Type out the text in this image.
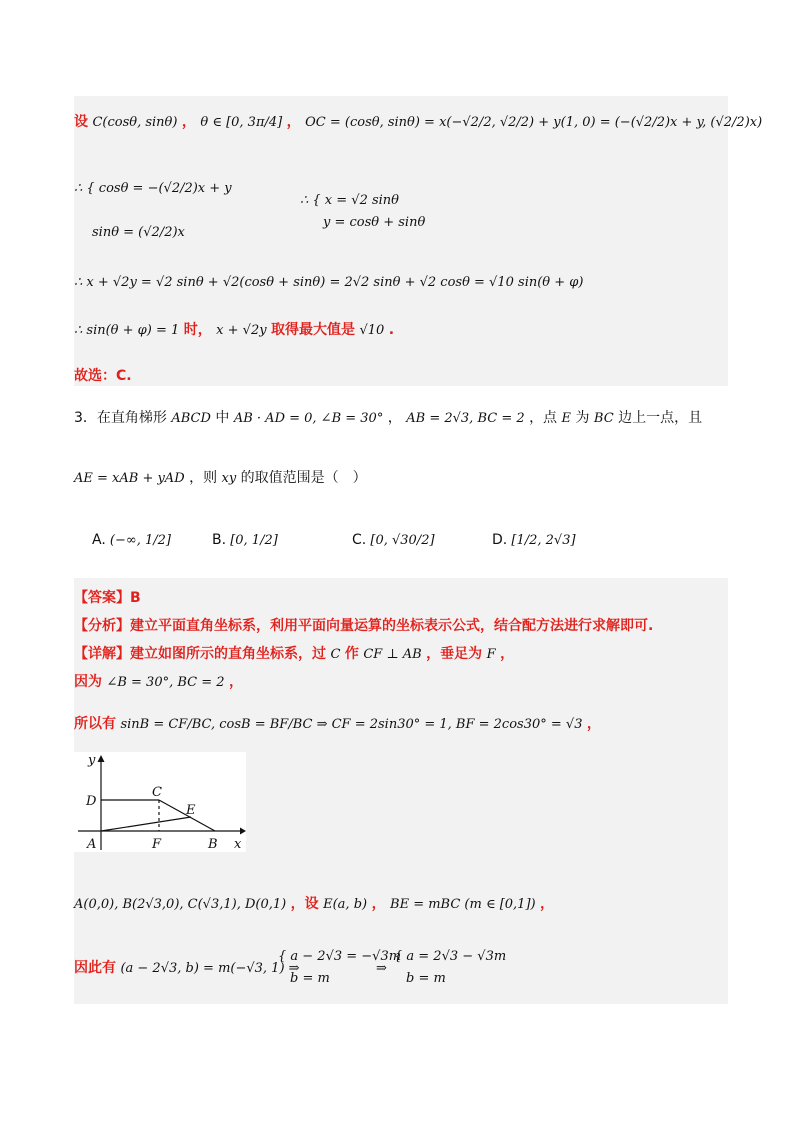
设 C(cosθ, sinθ) ， θ ∈ [0, 3π/4] ， OC = (cosθ, sinθ) = x(−√2/2, √2/2) + y(1, 0) = (−(√2/2)x + y, (√2/2)x)
∴ { cosθ = −(√2/2)x + y
sinθ = (√2/2)x
∴ { x = √2 sinθ
y = cosθ + sinθ
∴ x + √2y = √2 sinθ + √2(cosθ + sinθ) = 2√2 sinθ + √2 cosθ = √10 sin(θ + φ)
∴ sin(θ + φ) = 1 时， x + √2y 取得最大值是 √10 .
故选：C.
3．在直角梯形 ABCD 中 AB · AD = 0, ∠B = 30° ， AB = 2√3, BC = 2 ，点 E 为 BC 边上一点，且
AE = xAB + yAD ，则 xy 的取值范围是（　）
A. (−∞, 1/2]	B. [0, 1/2]	C. [0, √30/2]	D. [1/2, 2√3]
【答案】B
【分析】建立平面直角坐标系，利用平面向量运算的坐标表示公式，结合配方法进行求解即可.
【详解】建立如图所示的直角坐标系，过 C 作 CF ⊥ AB ，垂足为 F ，
因为 ∠B = 30°, BC = 2 ，
所以有 sinB = CF/BC, cosB = BF/BC ⇒ CF = 2sin30° = 1, BF = 2cos30° = √3 ，
y
x
A	B
C
D
E
F
A(0,0), B(2√3,0), C(√3,1), D(0,1) ，设 E(a, b) ， BE = mBC (m ∈ [0,1]) ，
因此有 (a − 2√3, b) = m(−√3, 1) ⇒
{ a − 2√3 = −√3m
b = m
⇒
{ a = 2√3 − √3m
b = m
